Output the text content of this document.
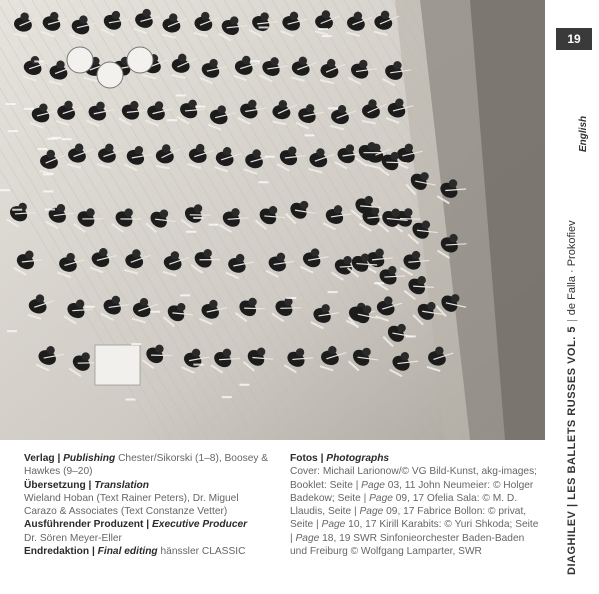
19
English
DIAGHILEV | LES BALLETS RUSSES VOL. 5|de Falla · Prokofiev
Verlag | Publishing Chester/Sikorski (1–8), Boosey & Hawkes (9–20)
Übersetzung | Translation
Wieland Hoban (Text Rainer Peters), Dr. Miguel Carazo & Associates (Text Constanze Vetter)
Ausführender Produzent | Executive Producer
Dr. Sören Meyer-Eller
Endredaktion | Final editing hänssler CLASSIC
Fotos | Photographs
Cover: Michail Larionow/© VG Bild-Kunst, akg-images; Booklet: Seite | Page 03, 11 John Neumeier: © Holger Badekow; Seite | Page 09, 17 Ofelia Sala: © M. D. Llaudis, Seite | Page 09, 17 Fabrice Bollon: © privat, Seite | Page 10, 17 Kirill Karabits: © Yuri Shkoda; Seite | Page 18, 19 SWR Sinfonieorchester Baden-Baden und Freiburg © Wolfgang Lamparter, SWR
